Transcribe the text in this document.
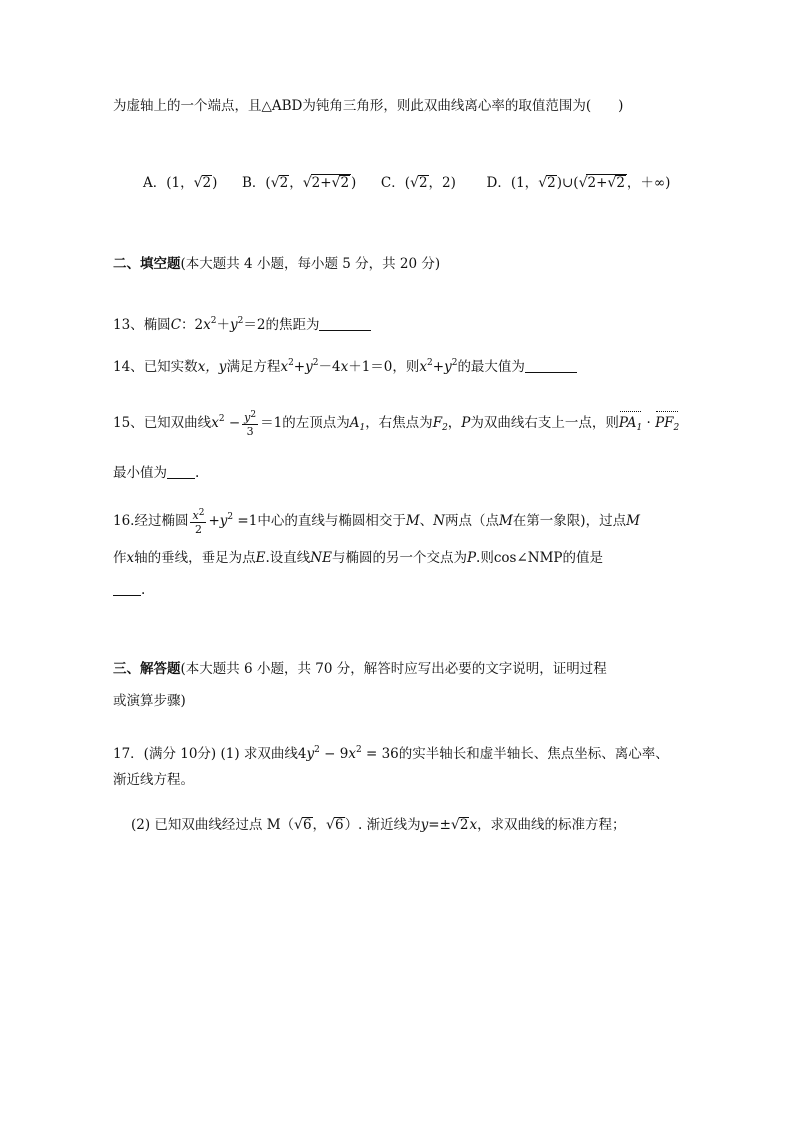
为虚轴上的一个端点，且△ABD为钝角三角形，则此双曲线离心率的取值范围为(　　)
A．(1，√2) B．(√2，√2+√2 ) C．(√2，2) D．(1，√2)∪(√2+√2 ，＋∞)
二、填空题(本大题共 4 小题，每小题 5 分，共 20 分)
13、椭圆C：$2x^2+y^2=2$的焦距为
14、已知实数x，y满足方程$x^2+y^2-4x+1=0$，则$x^2+y^2$的最大值为
15、已知双曲线$x^2 - \frac{y^2}{3} =1$的左顶点为$A_1$，右焦点为$F_2$，P为双曲线右支上一点，则$PA_1 \cdot PF_2$
最小值为 .
16.经过椭圆 $\frac{x^2}{2} +y^2 =1$中心的直线与椭圆相交于M、N两点（点M在第一象限)，过点M
作x轴的垂线，垂足为点E.设直线NE与椭圆的另一个交点为P.则cos∠NMP的值是
.
三、解答题(本大题共 6 小题，共 70 分，解答时应写出必要的文字说明，证明过程
或演算步骤)
17．(满分 10分) (1) 求双曲线$4y^2 - 9x^2 = 36$的实半轴长和虚半轴长、焦点坐标、离心率、
渐近线方程。
(2) 已知双曲线经过点 M（√6，√6）. 渐近线为y=±√2x，求双曲线的标准方程；
